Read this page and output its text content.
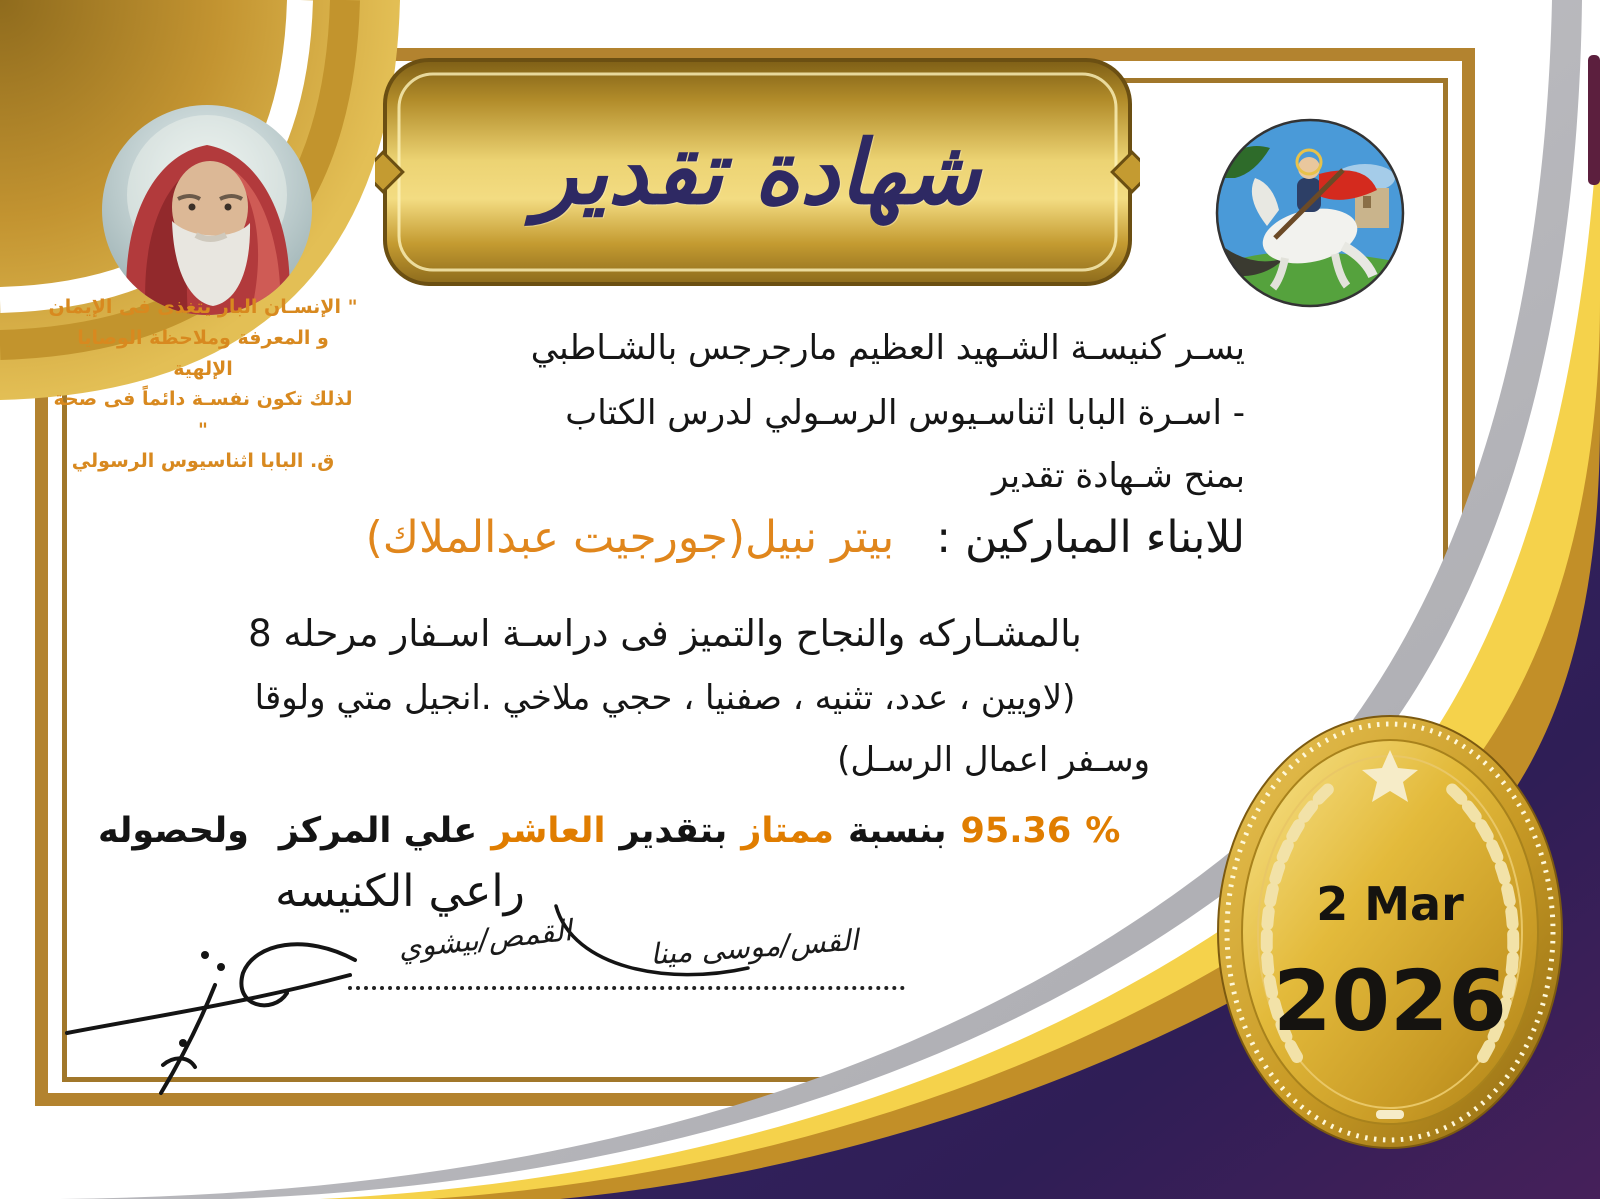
شهادة تقدير
" الإنسـان البار يتغذى فى الإيمان
و المعرفة وملاحظة الوصايا الإلهية
لذلك تكون نفسـة دائماً فى صحة "
ق. البابا اثناسيوس الرسولي
يسـر كنيسـة الشـهيد العظيم مارجرجس بالشـاطبي
- اسـرة البابا اثناسـيوس الرسـولي لدرس الكتاب
بمنح شـهادة تقدير
للابناء المباركين : بيتر نبيل(جورجيت عبدالملاك)
بالمشـاركه والنجاح والتميز فى دراسـة اسـفار مرحله 8
(لاويين ، عدد، تثنيه ، صفنيا ، حجي ملاخي .انجيل متي ولوقا
وسـفر اعمال الرسـل)
ولحصوله علي المركز العاشر بتقدير ممتاز بنسبة 95.36 %
راعي الكنيسه
القس/موسى مينا
القمص/بيشوي
2 Mar
2026
